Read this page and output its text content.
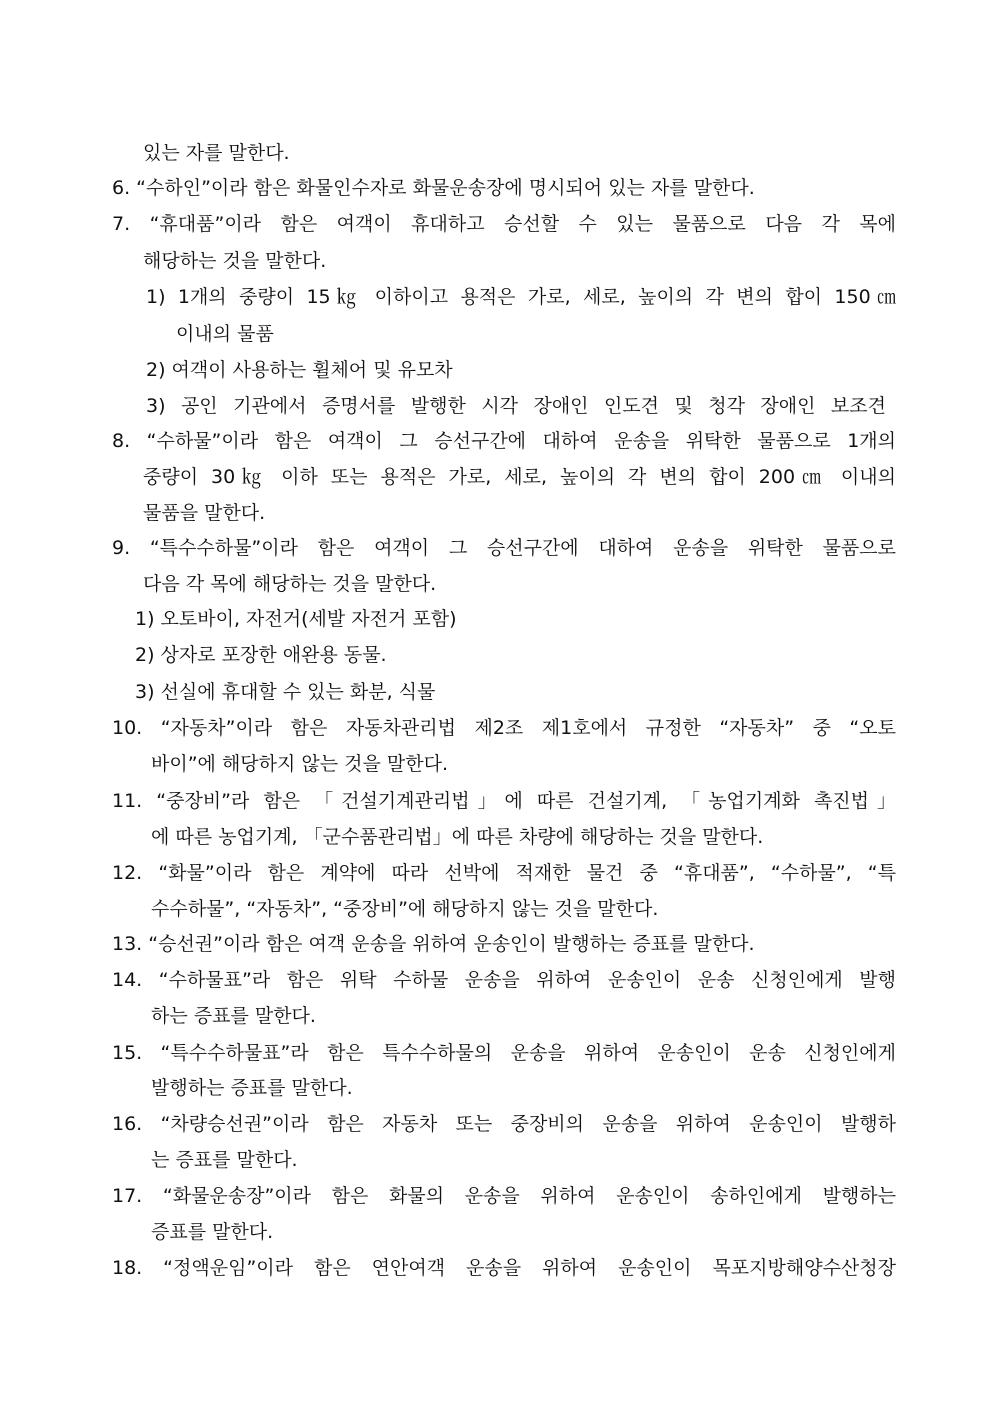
있는 자를 말한다.
6. “수하인”이라 함은 화물인수자로 화물운송장에 명시되어 있는 자를 말한다.
7. “휴대품”이라 함은 여객이 휴대하고 승선할 수 있는 물품으로 다음 각 목에
해당하는 것을 말한다.
1) 1개의 중량이 15㎏ 이하이고 용적은 가로, 세로, 높이의 각 변의 합이 150㎝
이내의 물품
2) 여객이 사용하는 휠체어 및 유모차
3) 공인 기관에서 증명서를 발행한 시각 장애인 인도견 및 청각 장애인 보조견
8. “수하물”이라 함은 여객이 그 승선구간에 대하여 운송을 위탁한 물품으로 1개의
중량이 30㎏ 이하 또는 용적은 가로, 세로, 높이의 각 변의 합이 200㎝ 이내의
물품을 말한다.
9. “특수수하물”이라 함은 여객이 그 승선구간에 대하여 운송을 위탁한 물품으로
다음 각 목에 해당하는 것을 말한다.
1) 오토바이, 자전거(세발 자전거 포함)
2) 상자로 포장한 애완용 동물.
3) 선실에 휴대할 수 있는 화분, 식물
10. “자동차”이라 함은 자동차관리법 제2조 제1호에서 규정한 “자동차” 중 “오토
바이”에 해당하지 않는 것을 말한다.
11. “중장비”라 함은 「건설기계관리법」에 따른 건설기계, 「농업기계화 촉진법」
에 따른 농업기계, 「군수품관리법」에 따른 차량에 해당하는 것을 말한다.
12. “화물”이라 함은 계약에 따라 선박에 적재한 물건 중 “휴대품”, “수하물”, “특
수수하물”, “자동차”, “중장비”에 해당하지 않는 것을 말한다.
13. “승선권”이라 함은 여객 운송을 위하여 운송인이 발행하는 증표를 말한다.
14. “수하물표”라 함은 위탁 수하물 운송을 위하여 운송인이 운송 신청인에게 발행
하는 증표를 말한다.
15. “특수수하물표”라 함은 특수수하물의 운송을 위하여 운송인이 운송 신청인에게
발행하는 증표를 말한다.
16. “차량승선권”이라 함은 자동차 또는 중장비의 운송을 위하여 운송인이 발행하
는 증표를 말한다.
17. “화물운송장”이라 함은 화물의 운송을 위하여 운송인이 송하인에게 발행하는
증표를 말한다.
18. “정액운임”이라 함은 연안여객 운송을 위하여 운송인이 목포지방해양수산청장
